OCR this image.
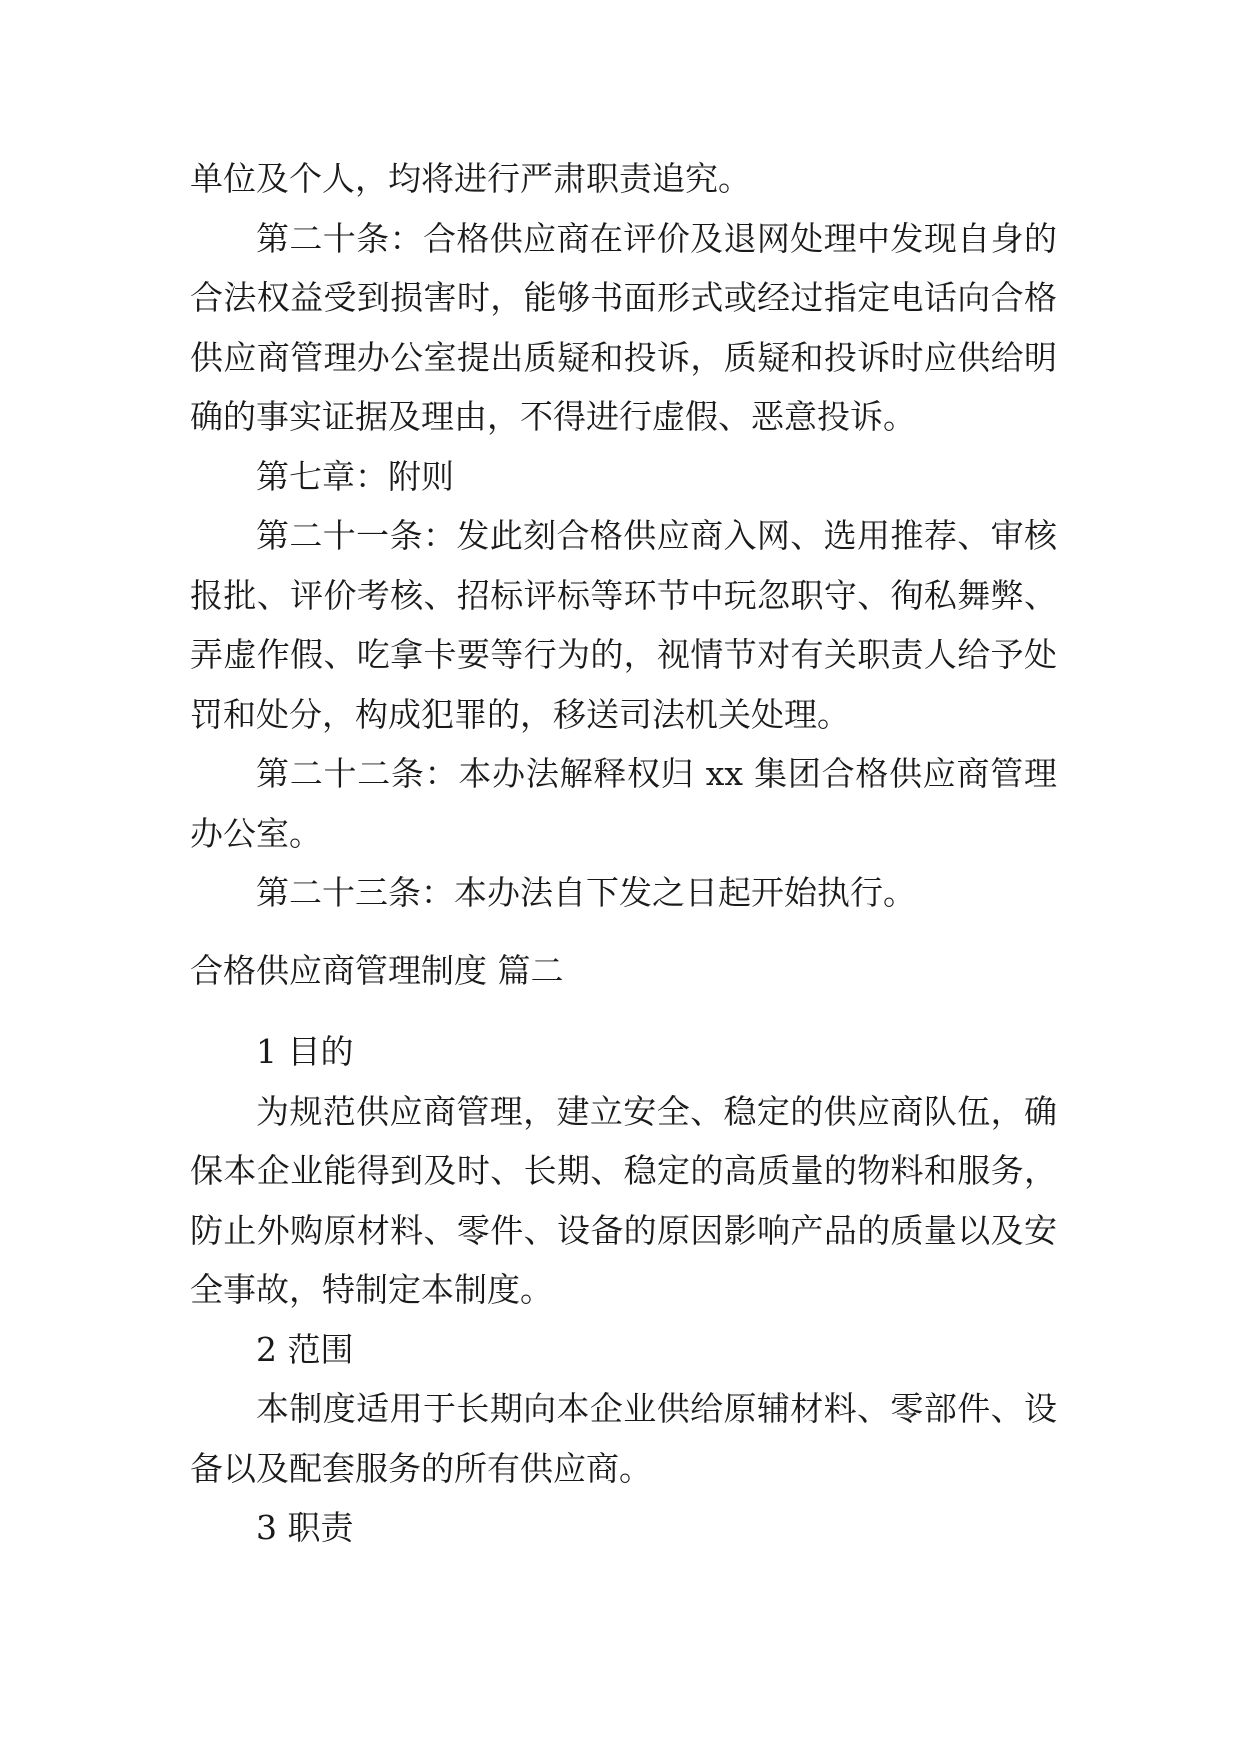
单位及个人，均将进行严肃职责追究。
第二十条：合格供应商在评价及退网处理中发现自身的
合法权益受到损害时，能够书面形式或经过指定电话向合格
供应商管理办公室提出质疑和投诉，质疑和投诉时应供给明
确的事实证据及理由，不得进行虚假、恶意投诉。
第七章：附则
第二十一条：发此刻合格供应商入网、选用推荐、审核
报批、评价考核、招标评标等环节中玩忽职守、徇私舞弊、
弄虚作假、吃拿卡要等行为的，视情节对有关职责人给予处
罚和处分，构成犯罪的，移送司法机关处理。
第二十二条：本办法解释权归 xx 集团合格供应商管理
办公室。
第二十三条：本办法自下发之日起开始执行。
合格供应商管理制度 篇二
1 目的
为规范供应商管理，建立安全、稳定的供应商队伍，确
保本企业能得到及时、长期、稳定的高质量的物料和服务，
防止外购原材料、零件、设备的原因影响产品的质量以及安
全事故，特制定本制度。
2 范围
本制度适用于长期向本企业供给原辅材料、零部件、设
备以及配套服务的所有供应商。
3 职责
